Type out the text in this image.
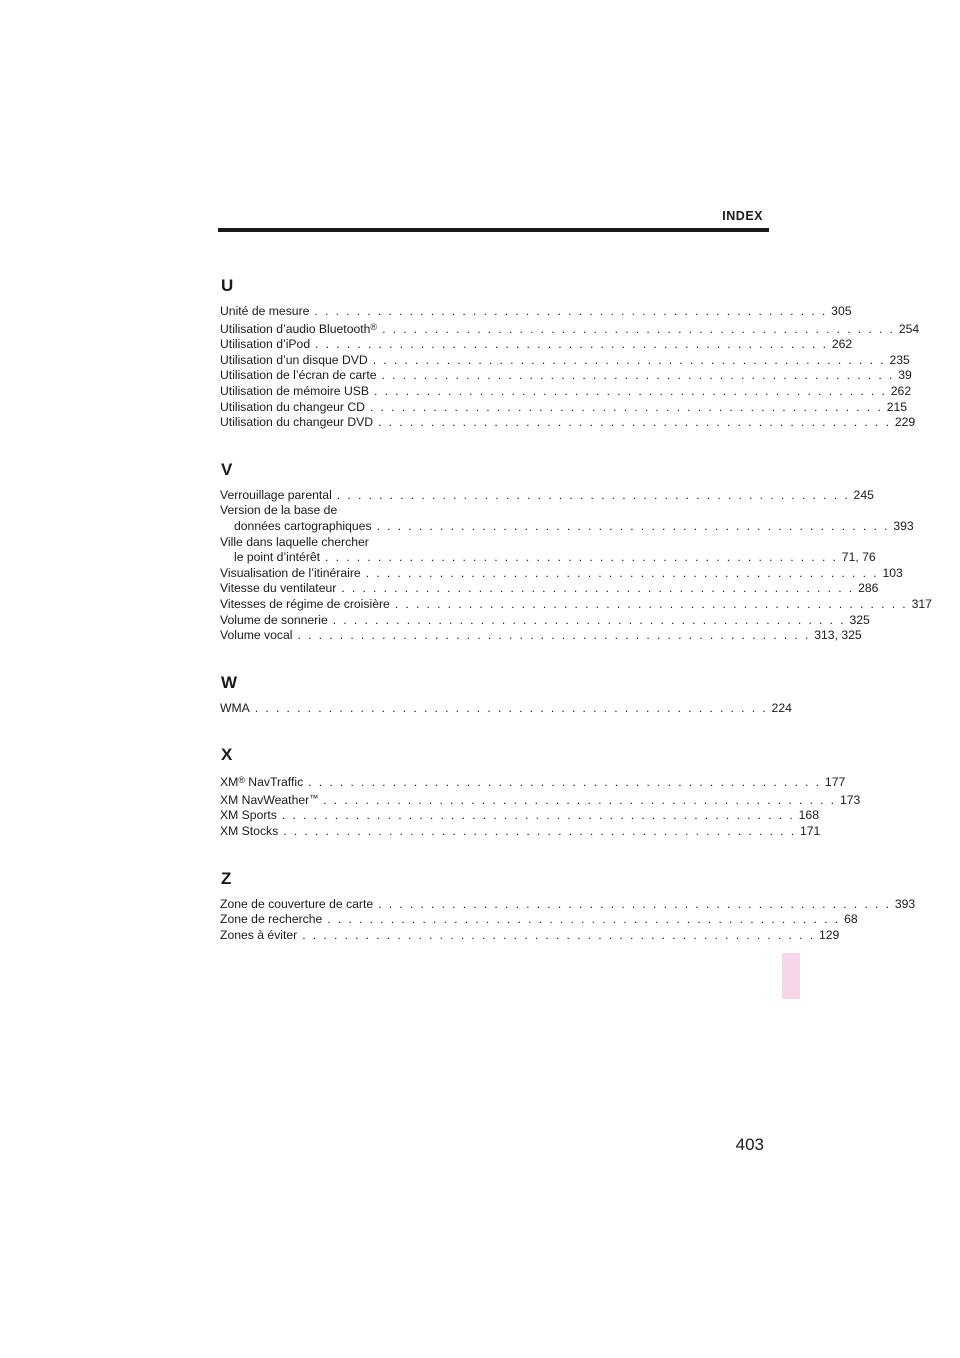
INDEX
U
Unité de mesure . . . . . . . . . . . . . . . . . . . . . . . . . . . . . . . . . . . . . . . . . . . . . . . . . 305
Utilisation d’audio Bluetooth® . . . . . . . . . . . . . . . . . . . . . . . . . . . . . . . . . . . . . . . . . . . . . . . . . 254
Utilisation d’iPod . . . . . . . . . . . . . . . . . . . . . . . . . . . . . . . . . . . . . . . . . . . . . . . . . 262
Utilisation d’un disque DVD . . . . . . . . . . . . . . . . . . . . . . . . . . . . . . . . . . . . . . . . . . . . . . . . . 235
Utilisation de l’écran de carte . . . . . . . . . . . . . . . . . . . . . . . . . . . . . . . . . . . . . . . . . . . . . . . . . 39
Utilisation de mémoire USB . . . . . . . . . . . . . . . . . . . . . . . . . . . . . . . . . . . . . . . . . . . . . . . . . 262
Utilisation du changeur CD . . . . . . . . . . . . . . . . . . . . . . . . . . . . . . . . . . . . . . . . . . . . . . . . . 215
Utilisation du changeur DVD . . . . . . . . . . . . . . . . . . . . . . . . . . . . . . . . . . . . . . . . . . . . . . . . . 229
V
Verrouillage parental . . . . . . . . . . . . . . . . . . . . . . . . . . . . . . . . . . . . . . . . . . . . . . . . . 245
Version de la base de
données cartographiques . . . . . . . . . . . . . . . . . . . . . . . . . . . . . . . . . . . . . . . . . . . . . . . . . 393
Ville dans laquelle chercher
le point d’intérêt . . . . . . . . . . . . . . . . . . . . . . . . . . . . . . . . . . . . . . . . . . . . . . . . . 71, 76
Visualisation de l’itinéraire . . . . . . . . . . . . . . . . . . . . . . . . . . . . . . . . . . . . . . . . . . . . . . . . . 103
Vitesse du ventilateur . . . . . . . . . . . . . . . . . . . . . . . . . . . . . . . . . . . . . . . . . . . . . . . . . 286
Vitesses de régime de croisière . . . . . . . . . . . . . . . . . . . . . . . . . . . . . . . . . . . . . . . . . . . . . . . . . 317
Volume de sonnerie . . . . . . . . . . . . . . . . . . . . . . . . . . . . . . . . . . . . . . . . . . . . . . . . . 325
Volume vocal . . . . . . . . . . . . . . . . . . . . . . . . . . . . . . . . . . . . . . . . . . . . . . . . . 313, 325
W
WMA . . . . . . . . . . . . . . . . . . . . . . . . . . . . . . . . . . . . . . . . . . . . . . . . . 224
X
XM® NavTraffic . . . . . . . . . . . . . . . . . . . . . . . . . . . . . . . . . . . . . . . . . . . . . . . . . 177
XM NavWeather™ . . . . . . . . . . . . . . . . . . . . . . . . . . . . . . . . . . . . . . . . . . . . . . . . . 173
XM Sports . . . . . . . . . . . . . . . . . . . . . . . . . . . . . . . . . . . . . . . . . . . . . . . . . 168
XM Stocks . . . . . . . . . . . . . . . . . . . . . . . . . . . . . . . . . . . . . . . . . . . . . . . . . 171
Z
Zone de couverture de carte . . . . . . . . . . . . . . . . . . . . . . . . . . . . . . . . . . . . . . . . . . . . . . . . . 393
Zone de recherche . . . . . . . . . . . . . . . . . . . . . . . . . . . . . . . . . . . . . . . . . . . . . . . . . 68
Zones à éviter . . . . . . . . . . . . . . . . . . . . . . . . . . . . . . . . . . . . . . . . . . . . . . . . . 129
403
